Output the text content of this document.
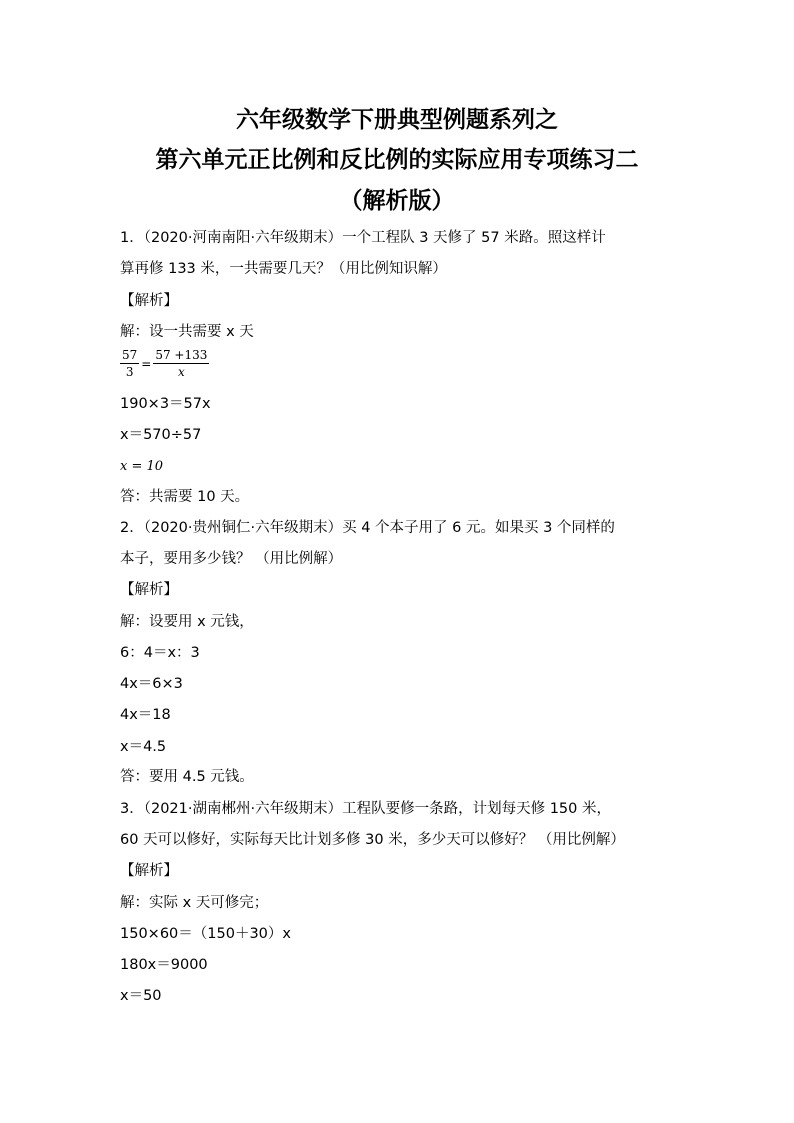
六年级数学下册典型例题系列之
第六单元正比例和反比例的实际应用专项练习二
（解析版）
1．（2020·河南南阳·六年级期末）一个工程队 3 天修了 57 米路。照这样计
算再修 133 米，一共需要几天？（用比例知识解）
【解析】
解：设一共需要 x 天
$\frac{57}{3} = \frac{57 +133}{x}$
190×3＝57x
x＝570÷57
x = 10
答：共需要 10 天。
2．（2020·贵州铜仁·六年级期末）买 4 个本子用了 6 元。如果买 3 个同样的
本子，要用多少钱？ （用比例解）
【解析】
解：设要用 x 元钱，
6：4＝x：3
4x＝6×3
4x＝18
x＝4.5
答：要用 4.5 元钱。
3．（2021·湖南郴州·六年级期末）工程队要修一条路，计划每天修 150 米，
60 天可以修好，实际每天比计划多修 30 米，多少天可以修好？ （用比例解）
【解析】
解：实际 x 天可修完；
150×60＝（150＋30）x
180x＝9000
x＝50
